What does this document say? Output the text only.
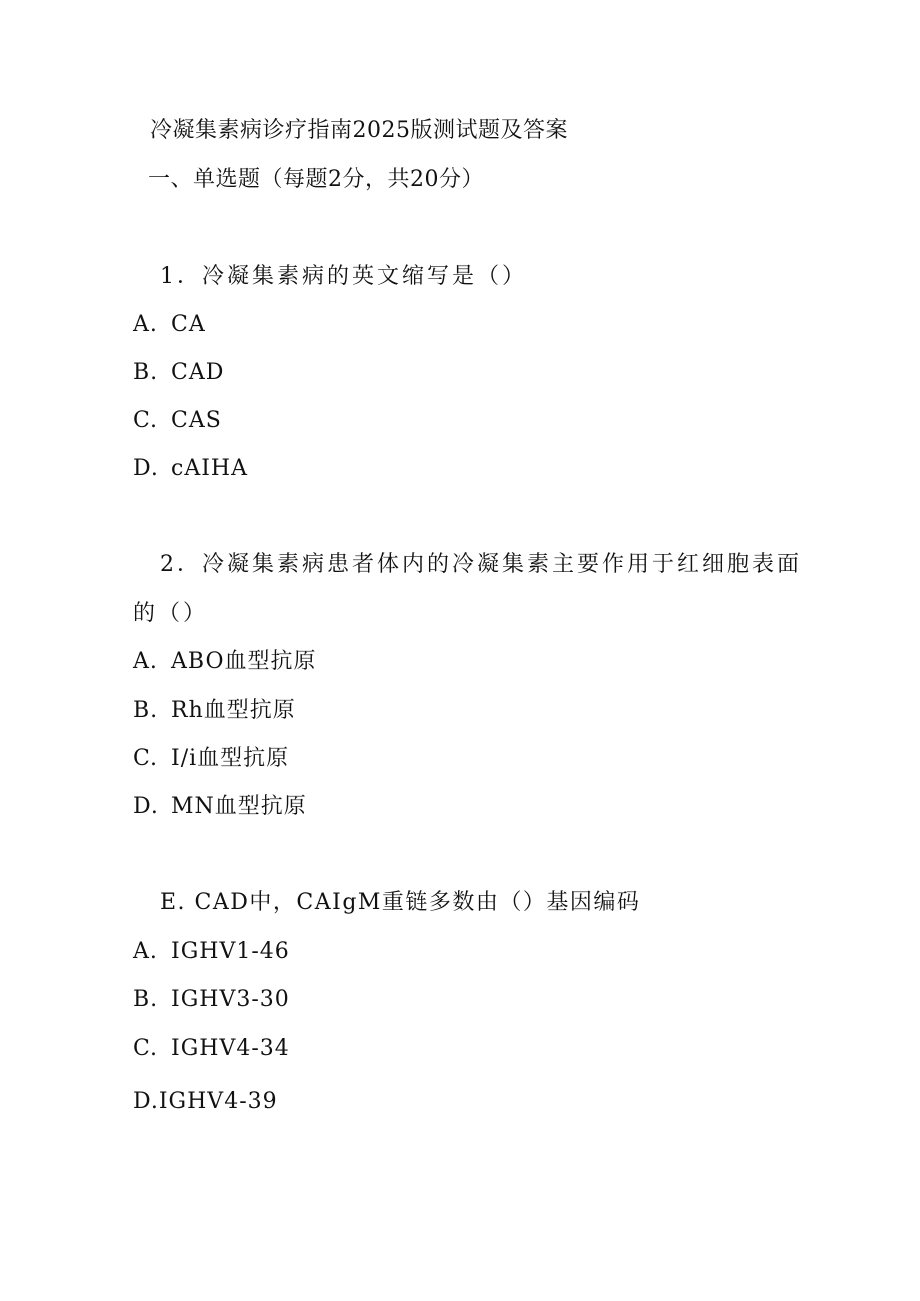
冷凝集素病诊疗指南2025版测试题及答案
一、单选题（每题2分，共20分）
1．冷凝集素病的英文缩写是（）
A. CA
B. CAD
C. CAS
D. cAIHA
2．冷凝集素病患者体内的冷凝集素主要作用于红细胞表面
的（）
A. ABO血型抗原
B. Rh血型抗原
C. I/i血型抗原
D. MN血型抗原
E. CAD中，CAIgM重链多数由（）基因编码
A. IGHV1-46
B. IGHV3-30
C. IGHV4-34
D.IGHV4-39
